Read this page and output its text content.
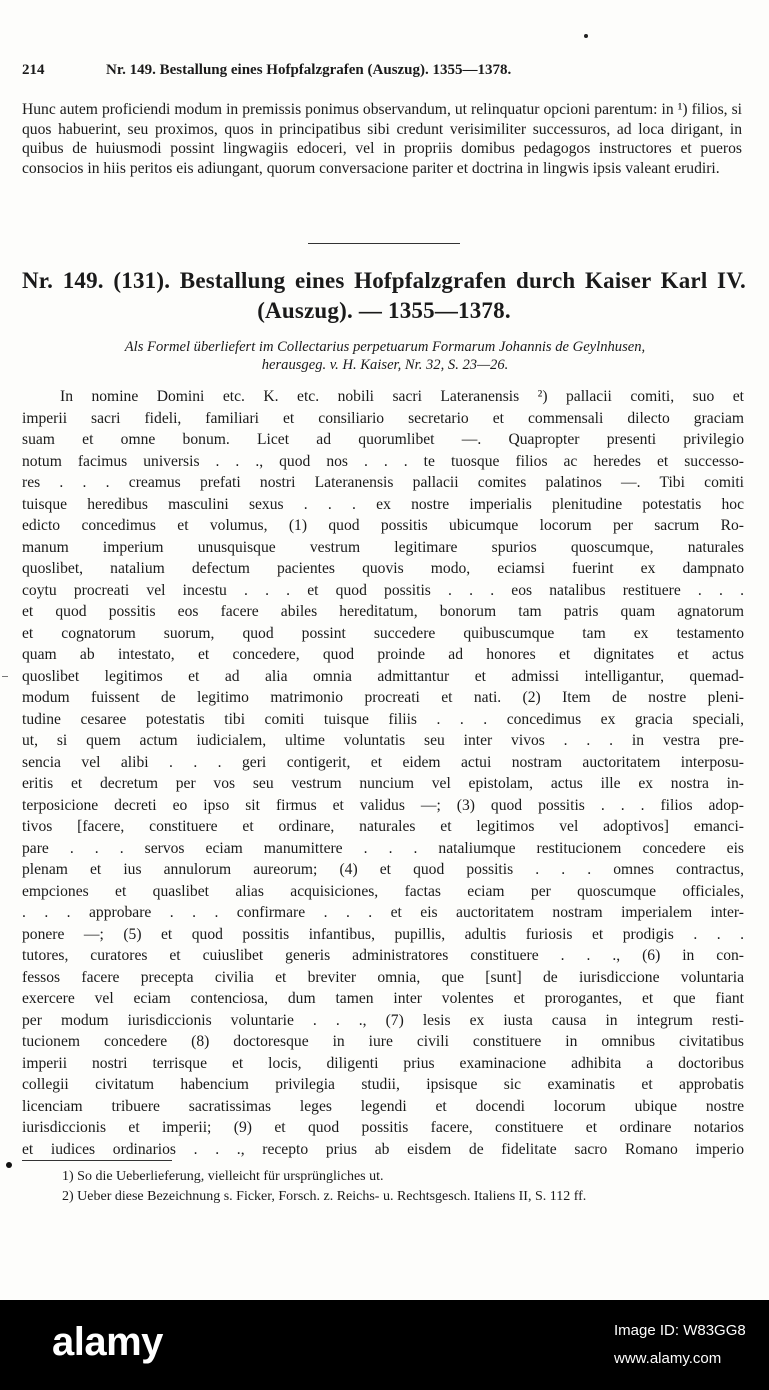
214	Nr. 149. Bestallung eines Hofpfalzgrafen (Auszug). 1355—1378.

Hunc autem proficiendi modum in premissis ponimus observandum, ut relinquatur opcioni parentum: in ¹) filios, si quos habuerint, seu proximos, quos in principatibus sibi credunt verisimiliter successuros, ad loca dirigant, in quibus de huiusmodi possint lingwagiis edoceri, vel in propriis domibus pedagogos instructores et pueros consocios in hiis peritos eis adiungant, quorum conversacione pariter et doctrina in lingwis ipsis valeant erudiri.

Nr. 149. (131). Bestallung eines Hofpfalzgrafen durch Kaiser Karl IV.
(Auszug). — 1355—1378.
Als Formel überliefert im Collectarius perpetuarum Formarum Johannis de Geylnhusen,
herausgeg. v. H. Kaiser, Nr. 32, S. 23—26.
In nomine Domini etc. K. etc. nobili sacri Lateranensis ²) pallacii comiti, suo et
imperii sacri fideli, familiari et consiliario secretario et commensali dilecto graciam
suam et omne bonum. Licet ad quorumlibet —. Quapropter presenti privilegio
notum facimus universis . . ., quod nos . . . te tuosque filios ac heredes et successo-
res . . . creamus prefati nostri Lateranensis pallacii comites palatinos —. Tibi comiti
tuisque heredibus masculini sexus . . . ex nostre imperialis plenitudine potestatis hoc
edicto concedimus et volumus, (1) quod possitis ubicumque locorum per sacrum Ro-
manum imperium unusquisque vestrum legitimare spurios quoscumque, naturales
quoslibet, natalium defectum pacientes quovis modo, eciamsi fuerint ex dampnato
coytu procreati vel incestu . . . et quod possitis . . . eos natalibus restituere . . .
et quod possitis eos facere abiles hereditatum, bonorum tam patris quam agnatorum
et cognatorum suorum, quod possint succedere quibuscumque tam ex testamento
quam ab intestato, et concedere, quod proinde ad honores et dignitates et actus
quoslibet legitimos et ad alia omnia admittantur et admissi intelligantur, quemad-
modum fuissent de legitimo matrimonio procreati et nati. (2) Item de nostre pleni-
tudine cesaree potestatis tibi comiti tuisque filiis . . . concedimus ex gracia speciali,
ut, si quem actum iudicialem, ultime voluntatis seu inter vivos . . . in vestra pre-
sencia vel alibi . . . geri contigerit, et eidem actui nostram auctoritatem interposu-
eritis et decretum per vos seu vestrum nuncium vel epistolam, actus ille ex nostra in-
terposicione decreti eo ipso sit firmus et validus —; (3) quod possitis . . . filios adop-
tivos [facere, constituere et ordinare, naturales et legitimos vel adoptivos] emanci-
pare . . . servos eciam manumittere . . . nataliumque restitucionem concedere eis
plenam et ius annulorum aureorum; (4) et quod possitis . . . omnes contractus,
empciones et quaslibet alias acquisiciones, factas eciam per quoscumque officiales,
. . . approbare . . . confirmare . . . et eis auctoritatem nostram imperialem inter-
ponere —; (5) et quod possitis infantibus, pupillis, adultis furiosis et prodigis . . .
tutores, curatores et cuiuslibet generis administratores constituere . . ., (6) in con-
fessos facere precepta civilia et breviter omnia, que [sunt] de iurisdiccione voluntaria
exercere vel eciam contenciosa, dum tamen inter volentes et prorogantes, et que fiant
per modum iurisdiccionis voluntarie . . ., (7) lesis ex iusta causa in integrum resti-
tucionem concedere (8) doctoresque in iure civili constituere in omnibus civitatibus
imperii nostri terrisque et locis, diligenti prius examinacione adhibita a doctoribus
collegii civitatum habencium privilegia studii, ipsisque sic examinatis et approbatis
licenciam tribuere sacratissimas leges legendi et docendi locorum ubique nostre
iurisdiccionis et imperii; (9) et quod possitis facere, constituere et ordinare notarios
et iudices ordinarios . . ., recepto prius ab eisdem de fidelitate sacro Romano imperio
1) So die Ueberlieferung, vielleicht für ursprüngliches ut.
2) Ueber diese Bezeichnung s. Ficker, Forsch. z. Reichs- u. Rechtsgesch. Italiens II, S. 112 ff.
alamy	Image ID: W83GG8
www.alamy.com
